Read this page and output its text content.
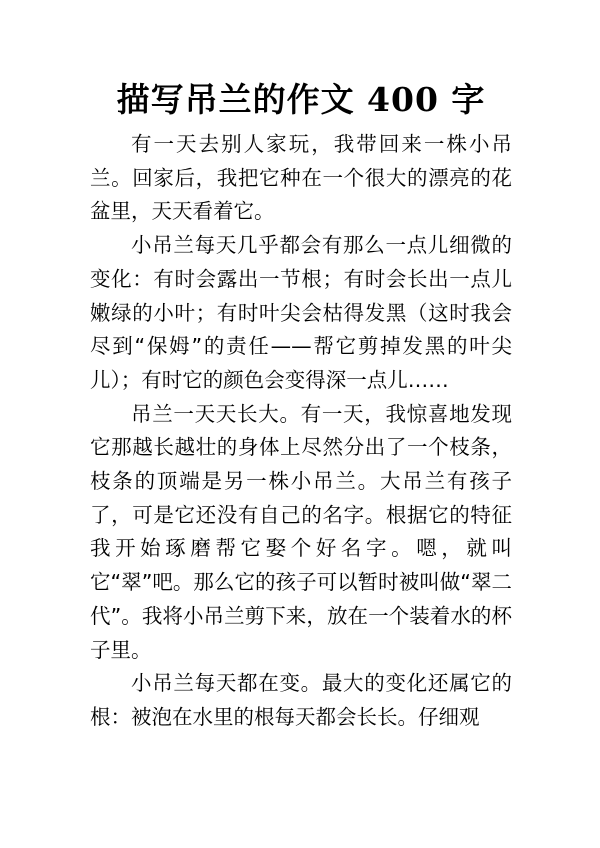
描写吊兰的作文 400 字

有一天去别人家玩，我带回来一株小吊兰。回家后，我把它种在一个很大的漂亮的花盆里，天天看着它。

小吊兰每天几乎都会有那么一点儿细微的变化：有时会露出一节根；有时会长出一点儿嫩绿的小叶；有时叶尖会枯得发黑（这时我会尽到“保姆”的责任——帮它剪掉发黑的叶尖儿）；有时它的颜色会变得深一点儿……

吊兰一天天长大。有一天，我惊喜地发现它那越长越壮的身体上尽然分出了一个枝条，枝条的顶端是另一株小吊兰。大吊兰有孩子了，可是它还没有自己的名字。根据它的特征我开始琢磨帮它娶个好名字。嗯，就叫它“翠”吧。那么它的孩子可以暂时被叫做“翠二代”。我将小吊兰剪下来，放在一个装着水的杯子里。

小吊兰每天都在变。最大的变化还属它的根：被泡在水里的根每天都会长长。仔细观
